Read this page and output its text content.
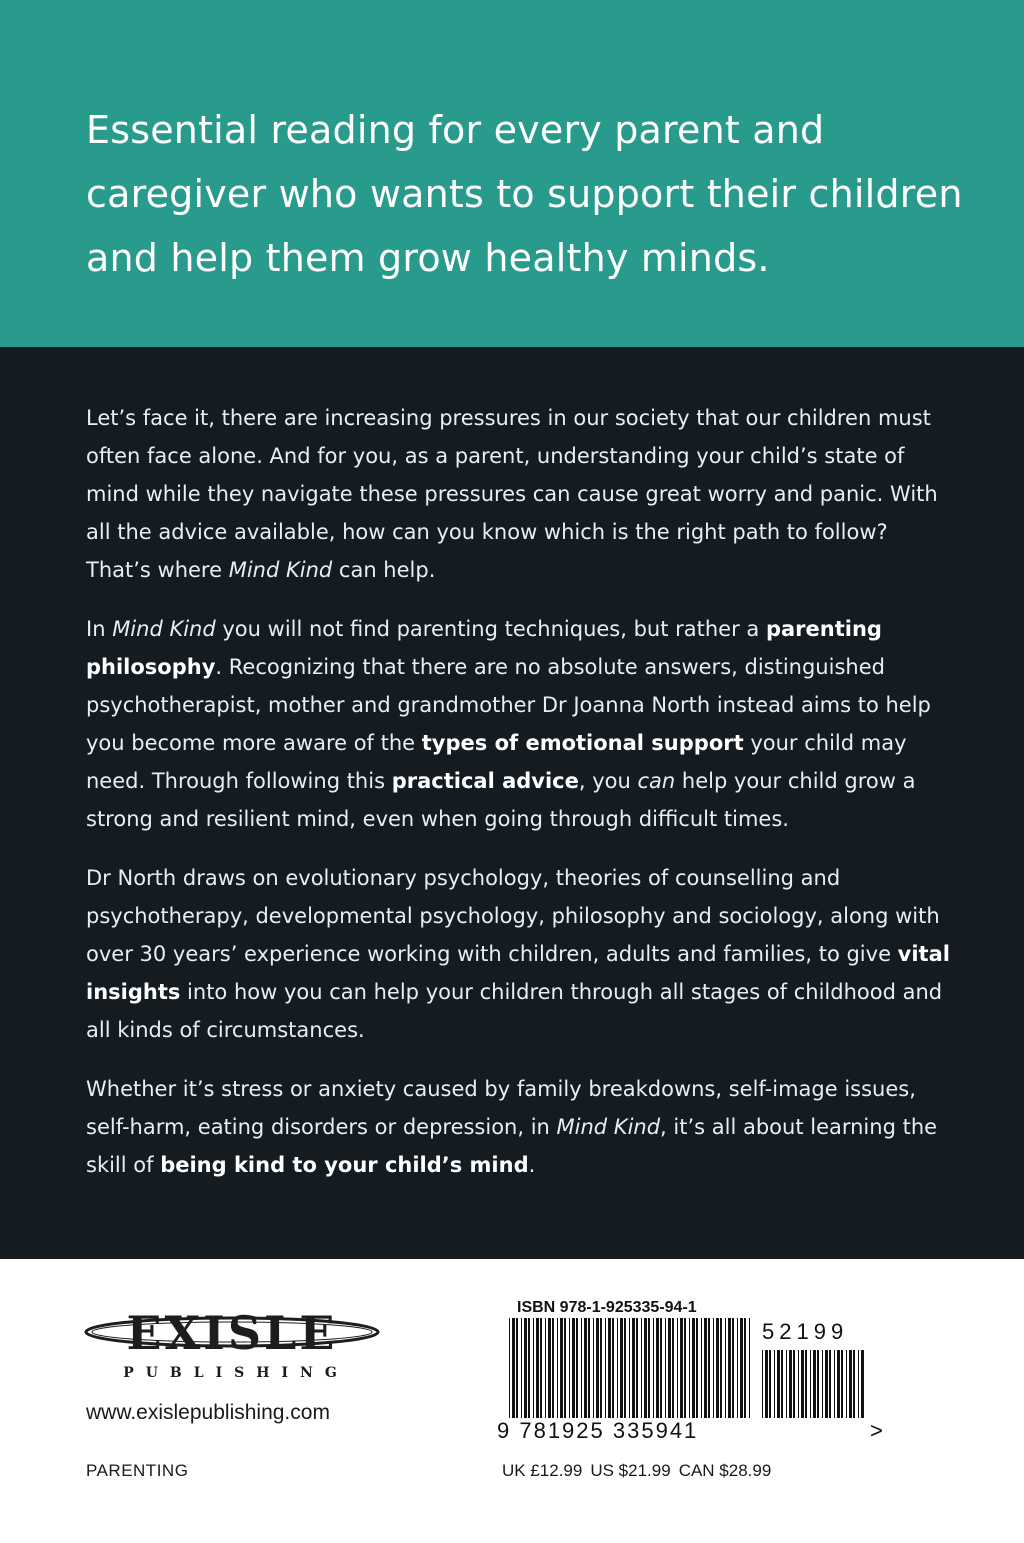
Essential reading for every parent and caregiver who wants to support their children and help them grow healthy minds.

Let’s face it, there are increasing pressures in our society that our children must often face alone. And for you, as a parent, understanding your child’s state of mind while they navigate these pressures can cause great worry and panic. With all the advice available, how can you know which is the right path to follow? That’s where Mind Kind can help.

In Mind Kind you will not find parenting techniques, but rather a parenting philosophy. Recognizing that there are no absolute answers, distinguished psychotherapist, mother and grandmother Dr Joanna North instead aims to help you become more aware of the types of emotional support your child may need. Through following this practical advice, you can help your child grow a strong and resilient mind, even when going through difficult times.

Dr North draws on evolutionary psychology, theories of counselling and psychotherapy, developmental psychology, philosophy and sociology, along with over 30 years’ experience working with children, adults and families, to give vital insights into how you can help your children through all stages of childhood and all kinds of circumstances.

Whether it’s stress or anxiety caused by family breakdowns, self-image issues, self-harm, eating disorders or depression, in Mind Kind, it’s all about learning the skill of being kind to your child’s mind.

EXISLE
PUBLISHING

www.exislepublishing.com

PARENTING

ISBN 978-1-925335-94-1

52199

9 781925 335941	>

UK £12.99 US $21.99 CAN $28.99
